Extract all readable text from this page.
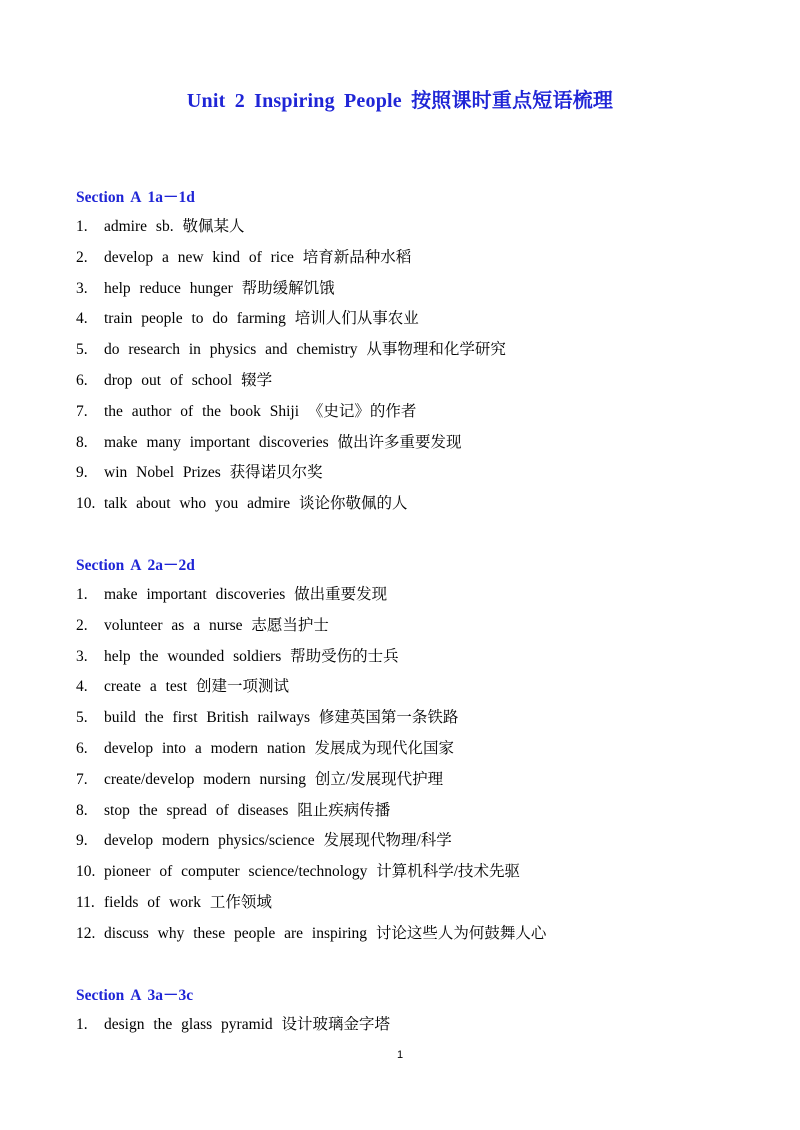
Unit 2 Inspiring People 按照课时重点短语梳理
Section A 1a－1d
1.	admire sb. 敬佩某人
2.	develop a new kind of rice 培育新品种水稻
3.	help reduce hunger 帮助缓解饥饿
4.	train people to do farming 培训人们从事农业
5.	do research in physics and chemistry 从事物理和化学研究
6.	drop out of school 辍学
7.	the author of the book Shiji 《史记》的作者
8.	make many important discoveries 做出许多重要发现
9.	win Nobel Prizes 获得诺贝尔奖
10. talk about who you admire 谈论你敬佩的人
Section A 2a－2d
1.	make important discoveries 做出重要发现
2.	volunteer as a nurse 志愿当护士
3.	help the wounded soldiers 帮助受伤的士兵
4.	create a test 创建一项测试
5.	build the first British railways 修建英国第一条铁路
6.	develop into a modern nation 发展成为现代化国家
7.	create/develop modern nursing 创立/发展现代护理
8.	stop the spread of diseases 阻止疾病传播
9.	develop modern physics/science 发展现代物理/科学
10. pioneer of computer science/technology 计算机科学/技术先驱
11. fields of work 工作领域
12. discuss why these people are inspiring 讨论这些人为何鼓舞人心
Section A 3a－3c
1.	design the glass pyramid 设计玻璃金字塔
1
